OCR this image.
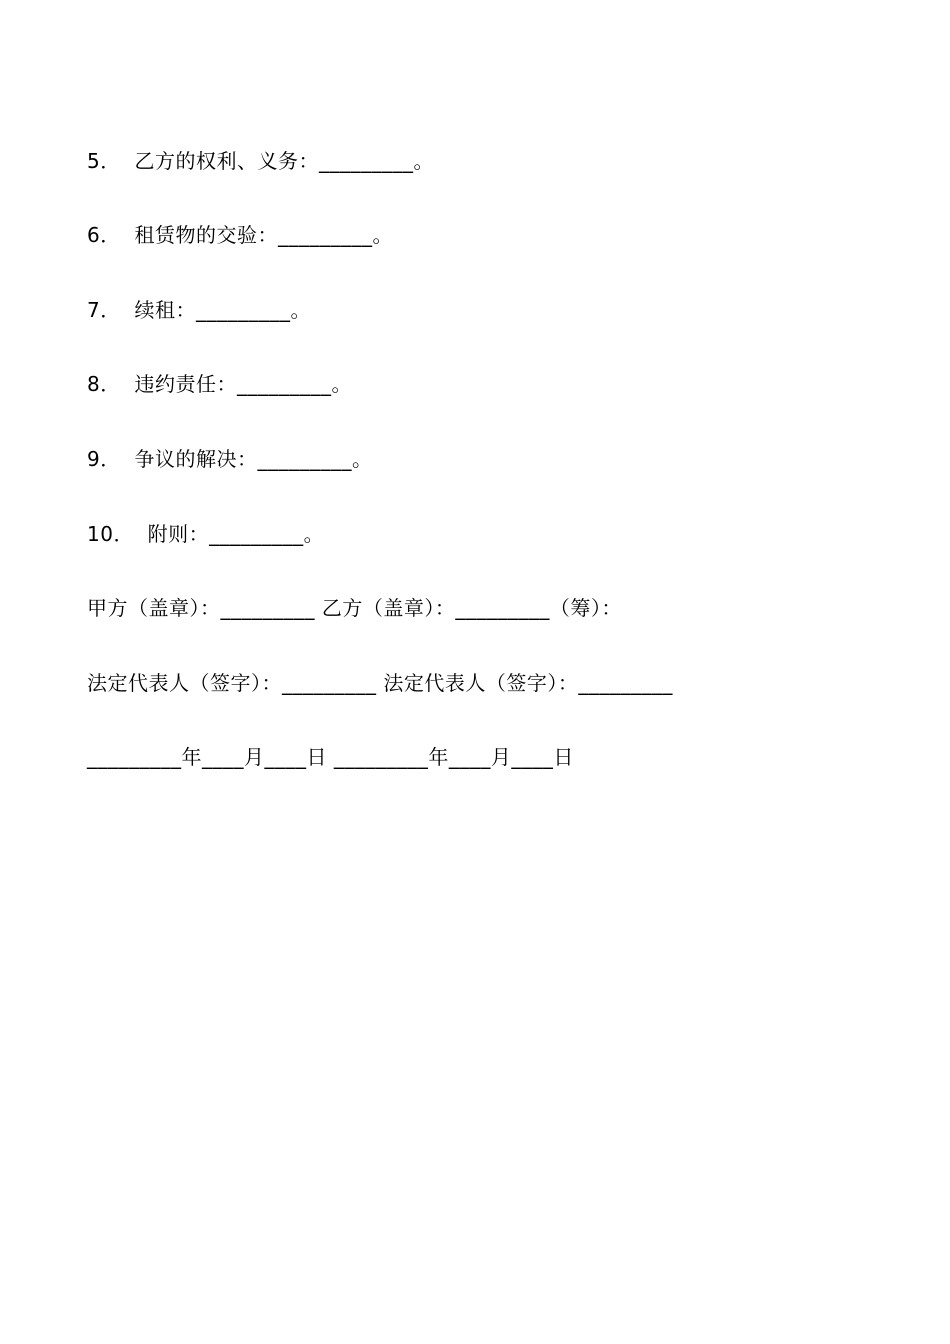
5．  乙方的权利、义务：_________。
6．  租赁物的交验：_________。
7．  续租：_________。
8．  违约责任：_________。
9．  争议的解决：_________。
10．  附则：_________。
甲方（盖章）：_________ 乙方（盖章）：_________（筹）：
法定代表人（签字）：_________ 法定代表人（签字）：_________
_________年____月____日 _________年____月____日
